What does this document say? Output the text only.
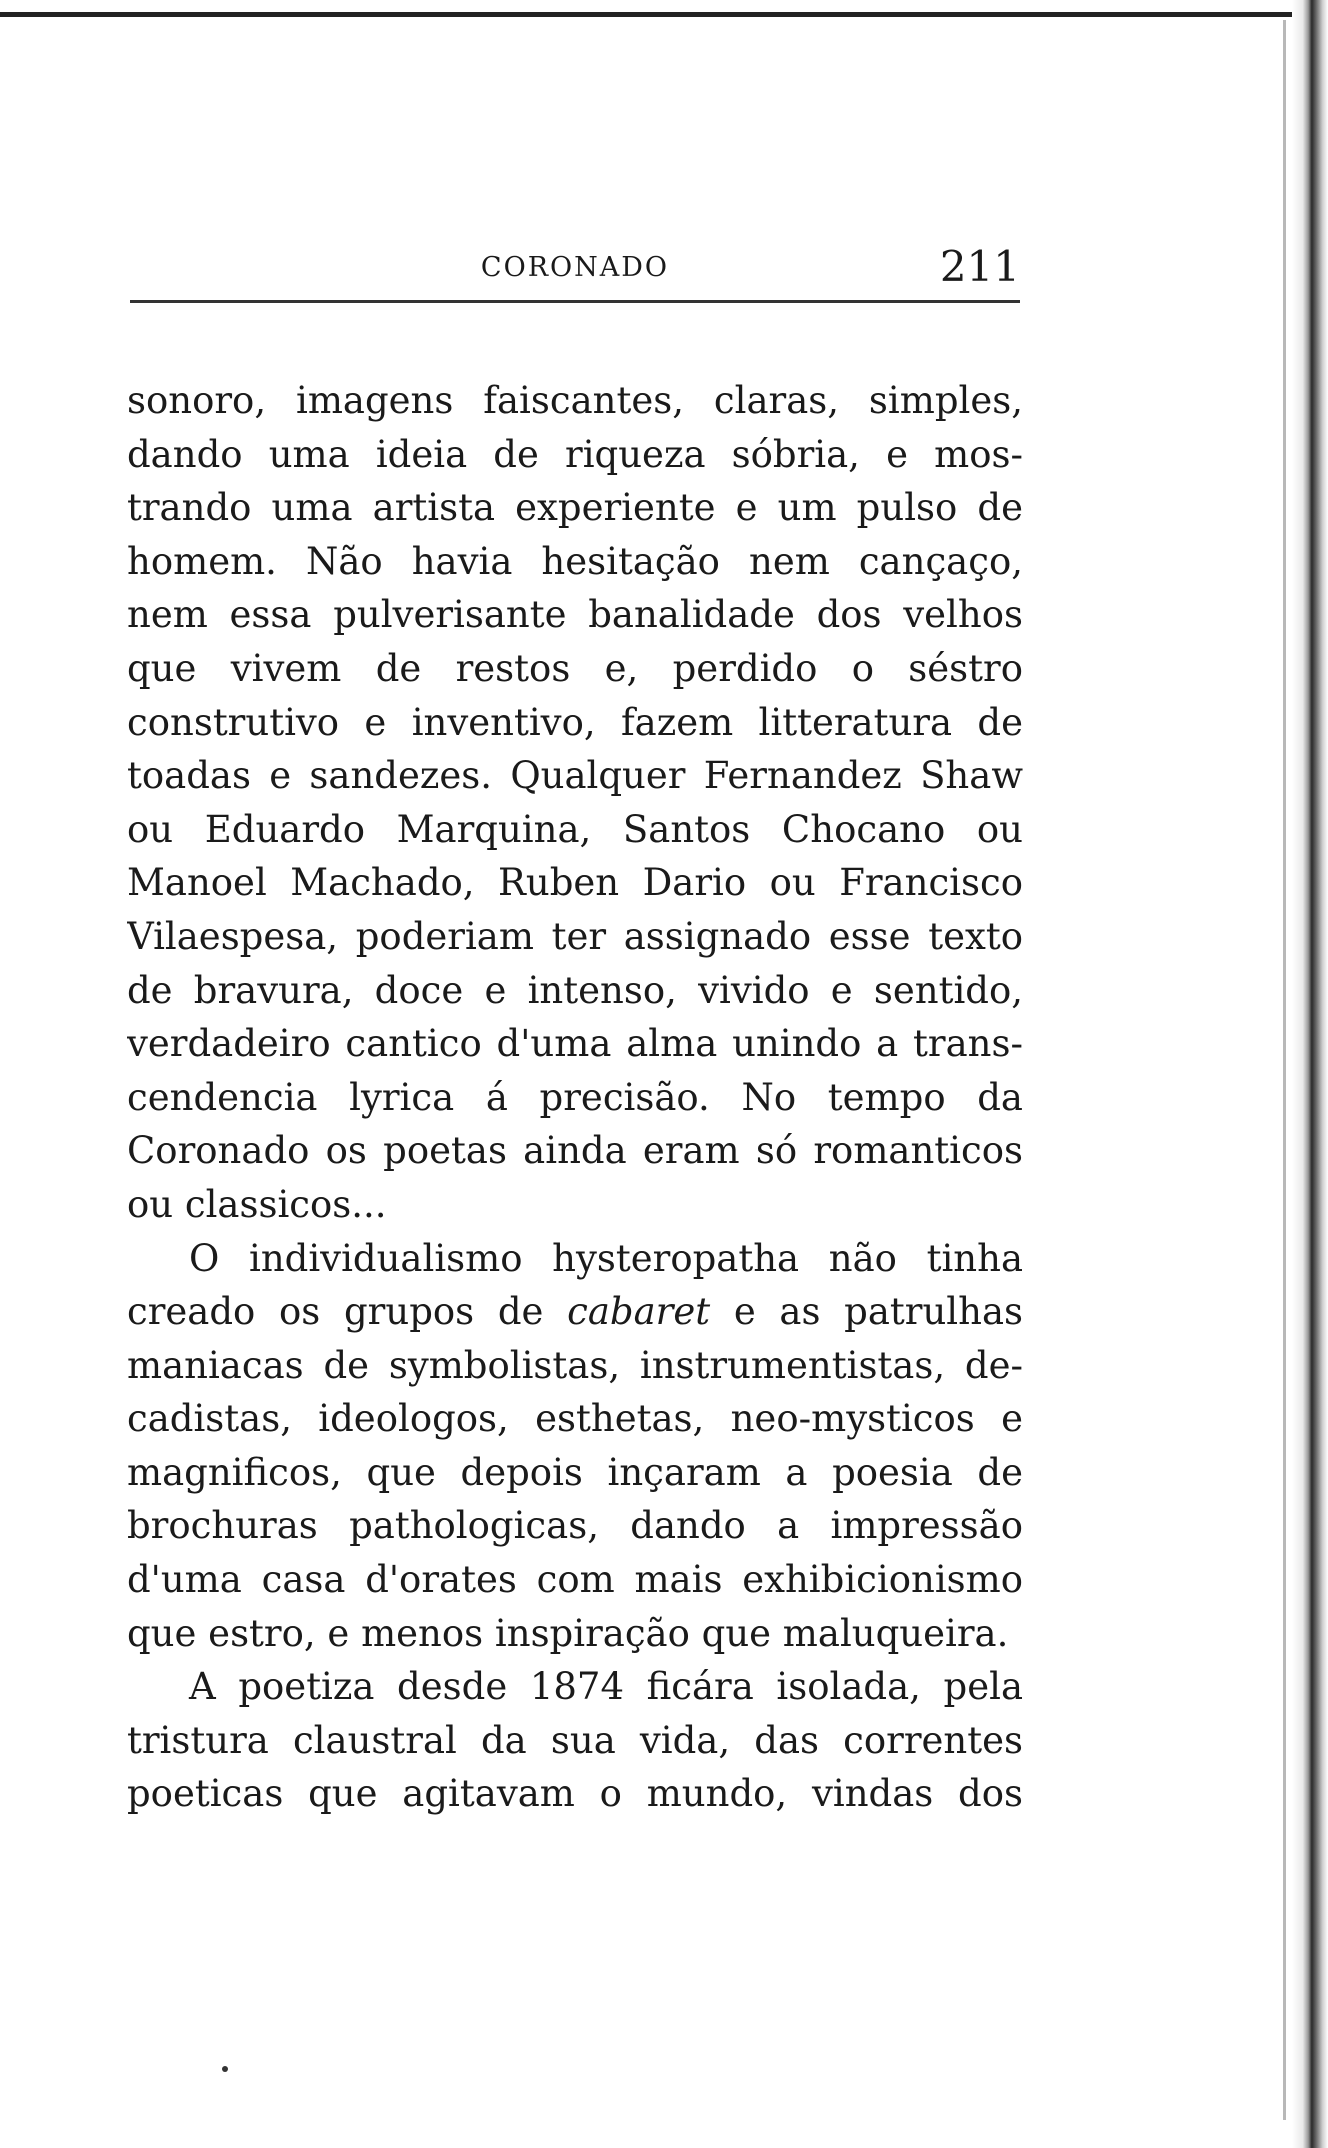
CORONADO	211
sonoro, imagens faiscantes, claras, simples,
dando uma ideia de riqueza sóbria, e mos-
trando uma artista experiente e um pulso de
homem. Não havia hesitação nem cançaço,
nem essa pulverisante banalidade dos velhos
que vivem de restos e, perdido o séstro
construtivo e inventivo, fazem litteratura de
toadas e sandezes. Qualquer Fernandez Shaw
ou Eduardo Marquina, Santos Chocano ou
Manoel Machado, Ruben Dario ou Francisco
Vilaespesa, poderiam ter assignado esse texto
de bravura, doce e intenso, vivido e sentido,
verdadeiro cantico d'uma alma unindo a trans-
cendencia lyrica á precisão. No tempo da
Coronado os poetas ainda eram só romanticos
ou classicos...
O individualismo hysteropatha não tinha
creado os grupos de cabaret e as patrulhas
maniacas de symbolistas, instrumentistas, de-
cadistas, ideologos, esthetas, neo-mysticos e
magnificos, que depois inçaram a poesia de
brochuras pathologicas, dando a impressão
d'uma casa d'orates com mais exhibicionismo
que estro, e menos inspiração que maluqueira.
A poetiza desde 1874 ficára isolada, pela
tristura claustral da sua vida, das correntes
poeticas que agitavam o mundo, vindas dos
